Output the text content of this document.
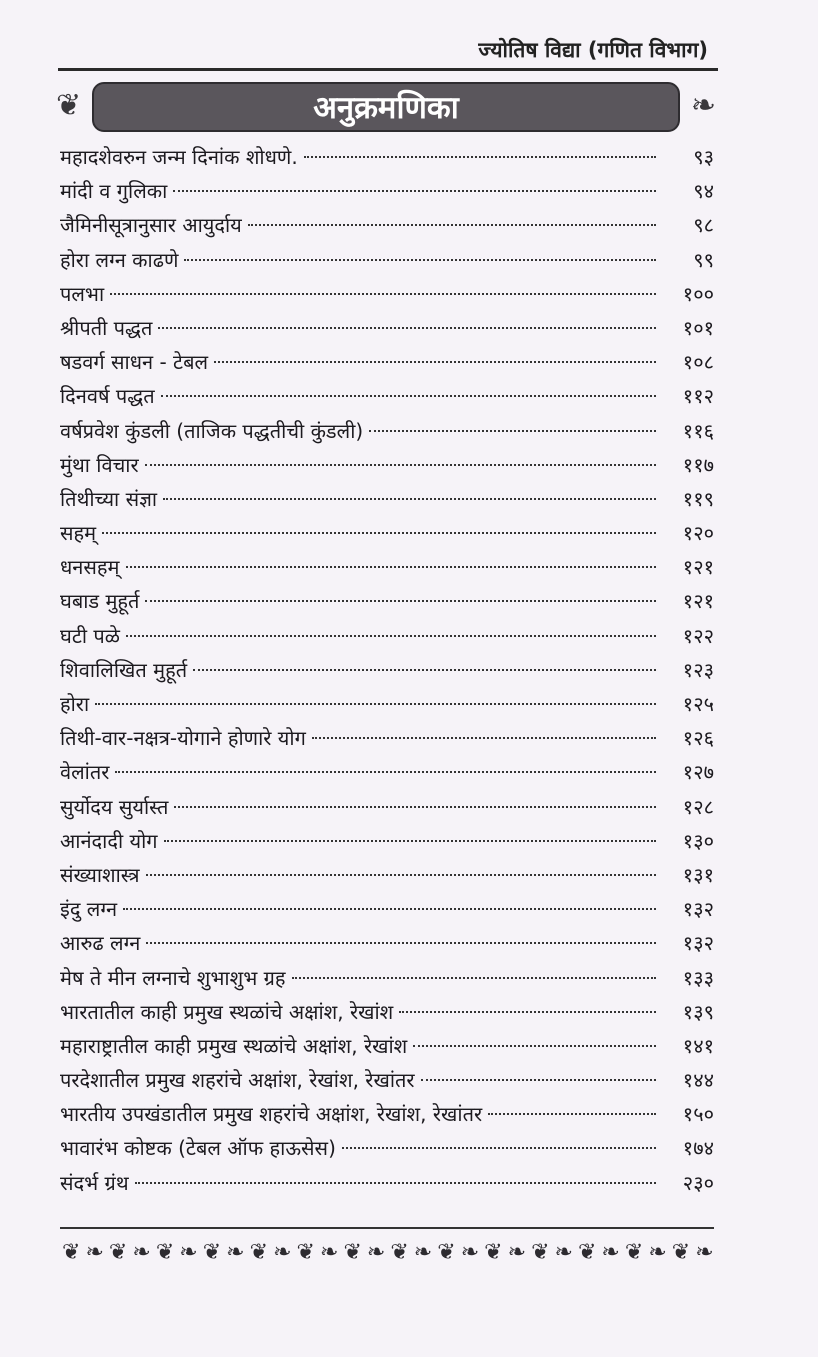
ज्योतिष विद्या (गणित विभाग)
❦	अनुक्रमणिका	❧
महादशेवरुन जन्म दिनांक शोधणे.	९३
मांदी व गुलिका	९४
जैमिनीसूत्रानुसार आयुर्दाय	९८
होरा लग्न काढणे	९९
पलभा	१००
श्रीपती पद्धत	१०१
षडवर्ग साधन - टेबल	१०८
दिनवर्ष पद्धत	११२
वर्षप्रवेश कुंडली (ताजिक पद्धतीची कुंडली)	११६
मुंथा विचार	११७
तिथीच्या संज्ञा	११९
सहम्	१२०
धनसहम्	१२१
घबाड मुहूर्त	१२१
घटी पळे	१२२
शिवालिखित मुहूर्त	१२३
होरा	१२५
तिथी-वार-नक्षत्र-योगाने होणारे योग	१२६
वेलांतर	१२७
सुर्योदय सुर्यास्त	१२८
आनंदादी योग	१३०
संख्याशास्त्र	१३१
इंदु लग्न	१३२
आरुढ लग्न	१३२
मेष ते मीन लग्नाचे शुभाशुभ ग्रह	१३३
भारतातील काही प्रमुख स्थळांचे अक्षांश, रेखांश	१३९
महाराष्ट्रातील काही प्रमुख स्थळांचे अक्षांश, रेखांश	१४१
परदेशातील प्रमुख शहरांचे अक्षांश, रेखांश, रेखांतर	१४४
भारतीय उपखंडातील प्रमुख शहरांचे अक्षांश, रेखांश, रेखांतर	१५०
भावारंभ कोष्टक (टेबल ऑफ हाऊसेस)	१७४
संदर्भ ग्रंथ	२३०
❦ ❧ ❦ ❧ ❦ ❧ ❦ ❧ ❦ ❧ ❦ ❧ ❦ ❧ ❦ ❧ ❦ ❧ ❦ ❧ ❦ ❧ ❦ ❧ ❦ ❧ ❦ ❧
